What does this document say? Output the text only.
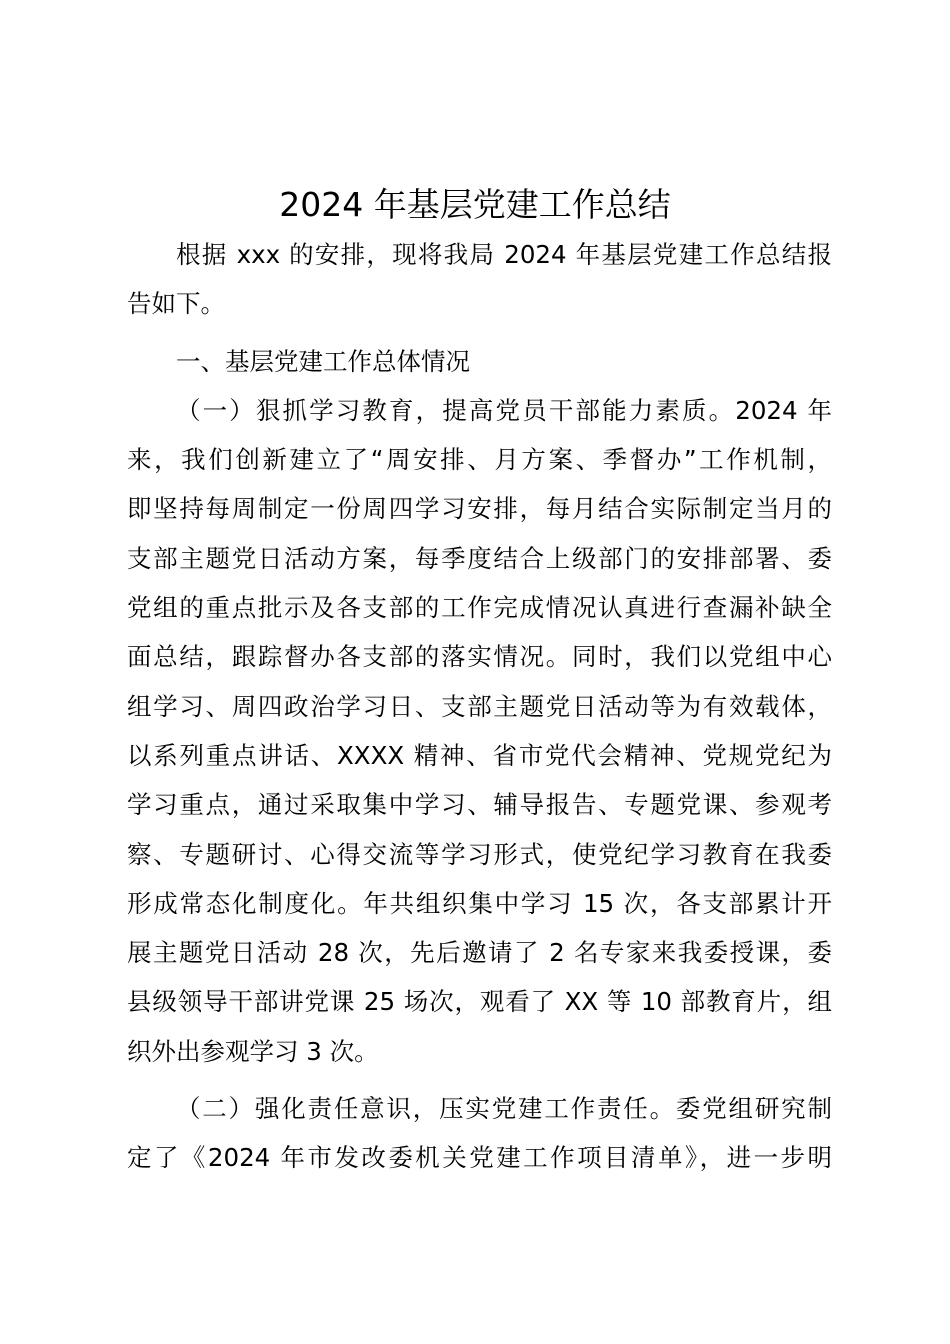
2024 年基层党建工作总结
根据 xxx 的安排，现将我局 2024 年基层党建工作总结报
告如下。
一、基层党建工作总体情况
（一）狠抓学习教育，提高党员干部能力素质。2024 年
来，我们创新建立了“周安排、月方案、季督办”工作机制，
即坚持每周制定一份周四学习安排，每月结合实际制定当月的
支部主题党日活动方案，每季度结合上级部门的安排部署、委
党组的重点批示及各支部的工作完成情况认真进行查漏补缺全
面总结，跟踪督办各支部的落实情况。同时，我们以党组中心
组学习、周四政治学习日、支部主题党日活动等为有效载体，
以系列重点讲话、XXXX 精神、省市党代会精神、党规党纪为
学习重点，通过采取集中学习、辅导报告、专题党课、参观考
察、专题研讨、心得交流等学习形式，使党纪学习教育在我委
形成常态化制度化。年共组织集中学习 15 次，各支部累计开
展主题党日活动 28 次，先后邀请了 2 名专家来我委授课，委
县级领导干部讲党课 25 场次，观看了 XX 等 10 部教育片，组
织外出参观学习 3 次。
（二）强化责任意识，压实党建工作责任。委党组研究制
定了《2024 年市发改委机关党建工作项目清单》，进一步明
